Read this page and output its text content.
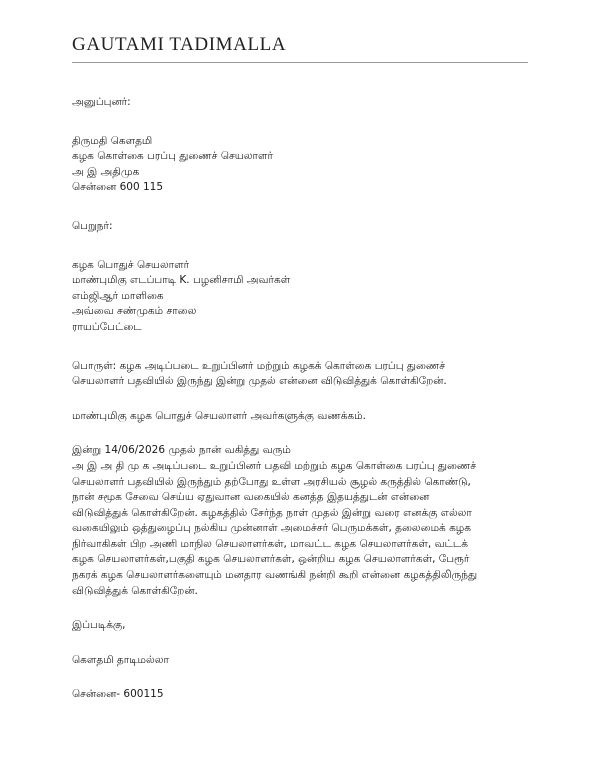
GAUTAMI TADIMALLA
அனுப்புனர்:
திருமதி கௌதமி
கழக கொள்கை பரப்பு துணைச் செயலாளர்
அ இ அதிமுக
சென்னை 600 115
பெறுநர்:
கழக பொதுச் செயலாளர்
மாண்புமிகு எடப்பாடி K. பழனிசாமி அவர்கள்
எம்ஜிஆர் மாளிகை
அவ்வை சண்முகம் சாலை
ராயப்பேட்டை
பொருள்: கழக அடிப்படை உறுப்பினர் மற்றும் கழகக் கொள்கை பரப்பு துணைச்
செயலாளர் பதவியில் இருந்து இன்று முதல் என்னை விடுவித்துக் கொள்கிறேன்.
மாண்புமிகு கழக பொதுச் செயலாளர் அவர்களுக்கு வணக்கம்.
இன்று 14/06/2026 முதல் நான் வகித்து வரும்
அ இ அ தி மு க அடிப்படை உறுப்பினர் பதவி மற்றும் கழக கொள்கை பரப்பு துணைச்
செயலாளர் பதவியில் இருந்தும் தற்போது உள்ள அரசியல் சூழல் கருத்தில் கொண்டு,
நான் சமூக சேவை செய்ய ஏதுவான வகையில் கனத்த இதயத்துடன் என்னை
விடுவித்துக் கொள்கிறேன். கழகத்தில் சேர்ந்த நாள் முதல் இன்று வரை எனக்கு எல்லா
வகையிலும் ஒத்துழைப்பு நல்கிய முன்னாள் அமைச்சர் பெருமக்கள், தலைமைக் கழக
நிர்வாகிகள் பிற அணி மாநில செயலாளர்கள், மாவட்ட கழக செயலாளர்கள், வட்டக்
கழக செயலாளர்கள்,பகுதி கழக செயலாளர்கள், ஒன்றிய கழக செயலாளர்கள், பேரூர்
நகரக் கழக செயலாளர்களையும் மனதார வணங்கி நன்றி கூறி என்னை கழகத்திலிருந்து
விடுவித்துக் கொள்கிறேன்.
இப்படிக்கு,
கௌதமி தாடிமல்லா
சென்னை- 600115
